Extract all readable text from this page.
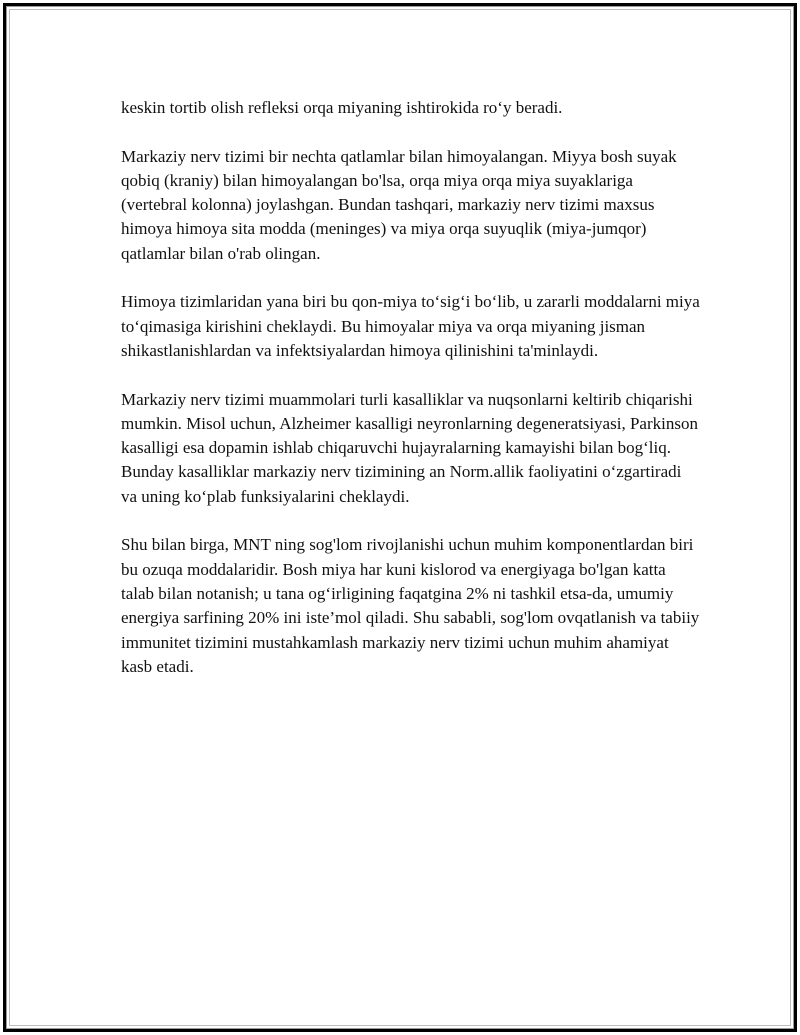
keskin tortib olish refleksi orqa miyaning ishtirokida roʻy beradi.

Markaziy nerv tizimi bir nechta qatlamlar bilan himoyalangan. Miyya bosh suyak qobiq (kraniy) bilan himoyalangan bo'lsa, orqa miya orqa miya suyaklariga (vertebral kolonna) joylashgan. Bundan tashqari, markaziy nerv tizimi maxsus himoya himoya sita modda (meninges) va miya orqa suyuqlik (miya-jumqor) qatlamlar bilan o'rab olingan.

Himoya tizimlaridan yana biri bu qon-miya toʻsigʻi boʻlib, u zararli moddalarni miya toʻqimasiga kirishini cheklaydi. Bu himoyalar miya va orqa miyaning jisman shikastlanishlardan va infektsiyalardan himoya qilinishini ta'minlaydi.

Markaziy nerv tizimi muammolari turli kasalliklar va nuqsonlarni keltirib chiqarishi mumkin. Misol uchun, Alzheimer kasalligi neyronlarning degeneratsiyasi, Parkinson kasalligi esa dopamin ishlab chiqaruvchi hujayralarning kamayishi bilan bogʻliq. Bunday kasalliklar markaziy nerv tizimining an Norm.allik faoliyatini oʻzgartiradi va uning koʻplab funksiyalarini cheklaydi.

Shu bilan birga, MNT ning sog'lom rivojlanishi uchun muhim komponentlardan biri bu ozuqa moddalaridir. Bosh miya har kuni kislorod va energiyaga bo'lgan katta talab bilan notanish; u tana ogʻirligining faqatgina 2% ni tashkil etsa-da, umumiy energiya sarfining 20% ini iste’mol qiladi. Shu sababli, sog'lom ovqatlanish va tabiiy immunitet tizimini mustahkamlash markaziy nerv tizimi uchun muhim ahamiyat kasb etadi.
